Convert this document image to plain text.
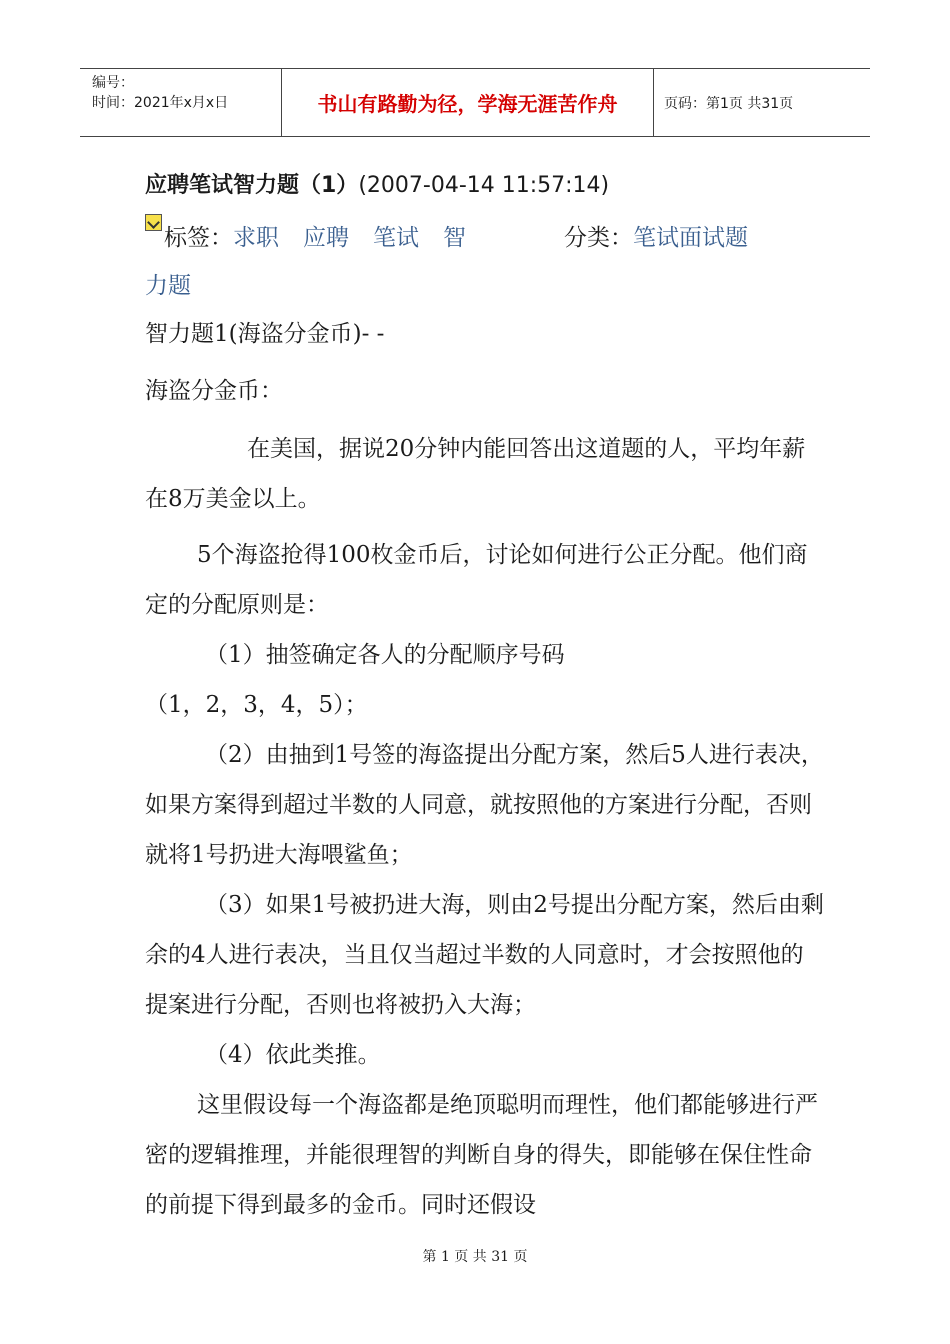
编号：
时间：2021年x月x日	书山有路勤为径，学海无涯苦作舟	页码：第1页 共31页
应聘笔试智力题（1）(2007-04-14 11:57:14)
标签：求职 应聘 笔试 智	分类：笔试面试题
力题

智力题1(海盗分金币)- -

海盗分金币：

在美国，据说20分钟内能回答出这道题的人，平均年薪在8万美金以上。

5个海盗抢得100枚金币后，讨论如何进行公正分配。他们商定的分配原则是：

（1）抽签确定各人的分配顺序号码

（1，2，3，4，5）；

（2）由抽到1号签的海盗提出分配方案，然后5人进行表决，如果方案得到超过半数的人同意，就按照他的方案进行分配，否则就将1号扔进大海喂鲨鱼；

（3）如果1号被扔进大海，则由2号提出分配方案，然后由剩余的4人进行表决，当且仅当超过半数的人同意时，才会按照他的提案进行分配，否则也将被扔入大海；

（4）依此类推。

这里假设每一个海盗都是绝顶聪明而理性，他们都能够进行严密的逻辑推理，并能很理智的判断自身的得失，即能够在保住性命的前提下得到最多的金币。同时还假设

第 1 页 共 31 页
